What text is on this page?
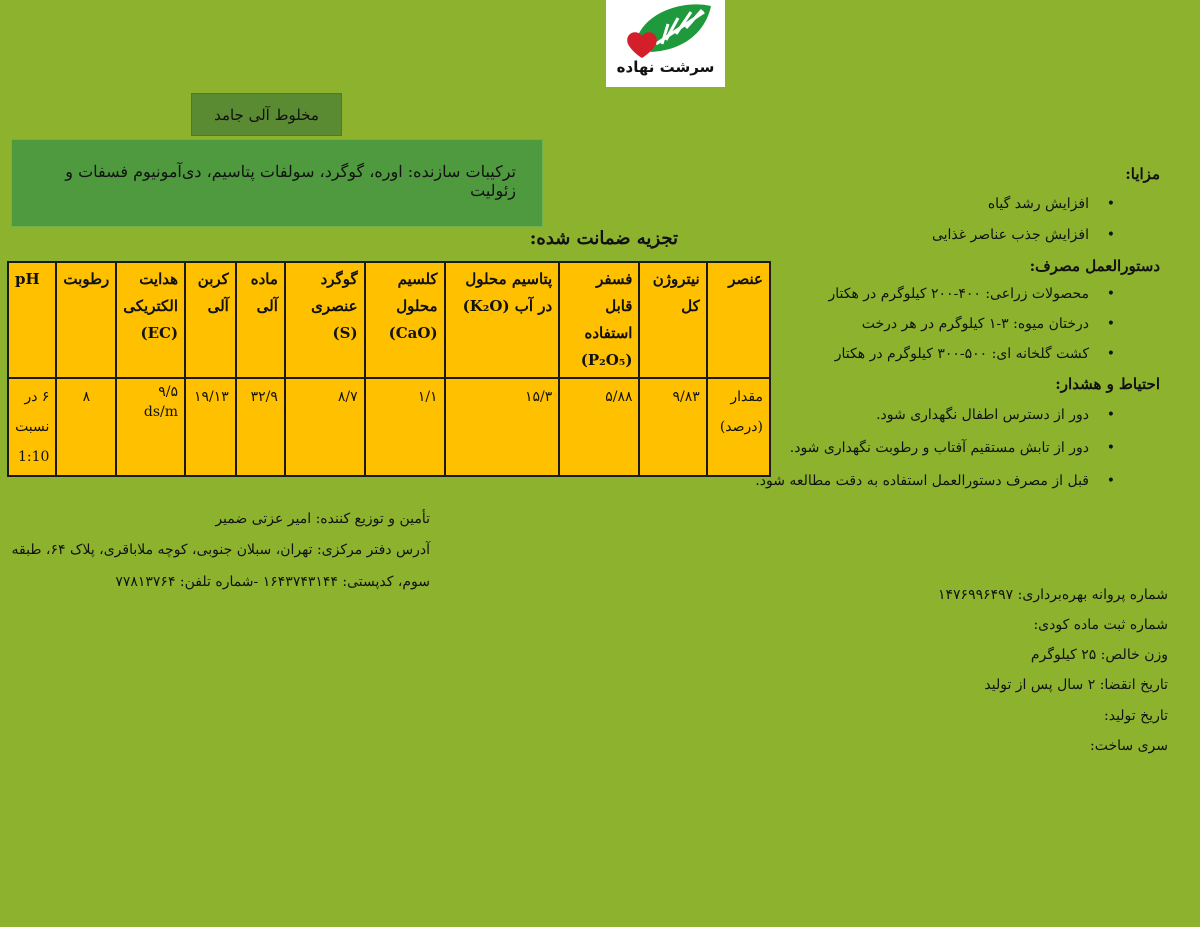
سرشت نهاده
مخلوط آلی جامد
ترکیبات سازنده: اوره، گوگرد، سولفات پتاسیم، دی‌آمونیوم فسفات و زئولیت
تجزیه ضمانت شده:
عنصر	نیتروژن کل	فسفر قابل استفاده (P₂O₅)	پتاسیم محلول در آب (K₂O)	کلسیم محلول (CaO)	گوگرد عنصری (S)	ماده آلی	کربن آلی	هدایت الکتریکی (EC)	رطوبت	pH
مقدار (درصد)	۹/۸۳	۵/۸۸	۱۵/۳	۱/۱	۸/۷	۳۲/۹	۱۹/۱۳	۹/۵ ds/m	۸	۶ در نسبت 1:10
مزایا:
•
افزایش رشد گیاه
•
افزایش جذب عناصر غذایی
دستورالعمل مصرف:
•
محصولات زراعی: ۴۰۰-۲۰۰ کیلوگرم در هکتار
•
درختان میوه: ۳-۱ کیلوگرم در هر درخت
•
کشت گلخانه ای: ۵۰۰-۳۰۰ کیلوگرم در هکتار
احتیاط و هشدار:
•
دور از دسترس اطفال نگهداری شود.
•
دور از تابش مستقیم آفتاب و رطوبت نگهداری شود.
•
قبل از مصرف دستورالعمل استفاده به دقت مطالعه شود.
تأمین و توزیع کننده: امیر عزتی ضمیر
آدرس دفتر مرکزی: تهران، سبلان جنوبی، کوچه ملاباقری، پلاک ۶۴، طبقه
سوم، کدپستی: ۱۶۴۳۷۴۳۱۴۴ -شماره تلفن: ۷۷۸۱۳۷۶۴
شماره پروانه بهره‌برداری: ۱۴۷۶۹۹۶۴۹۷
شماره ثبت ماده کودی:
وزن خالص: ۲۵ کیلوگرم
تاریخ انقضا: ۲ سال پس از تولید
تاریخ تولید:
سری ساخت:
